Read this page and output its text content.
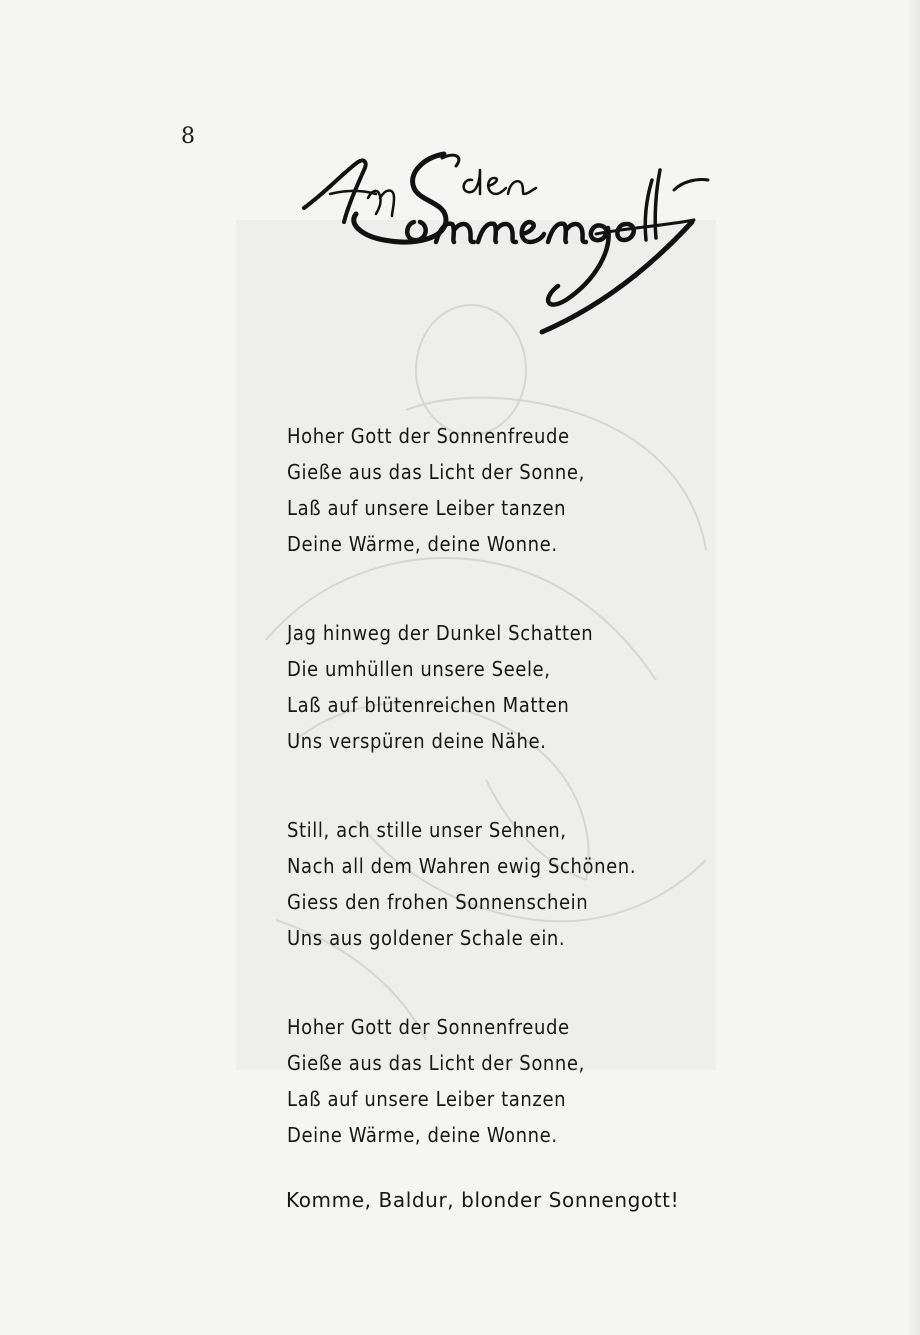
8
Hoher Gott der Sonnenfreude
Gieße aus das Licht der Sonne,
Laß auf unsere Leiber tanzen
Deine Wärme, deine Wonne.
Jag hinweg der Dunkel Schatten
Die umhüllen unsere Seele,
Laß auf blütenreichen Matten
Uns verspüren deine Nähe.
Still, ach stille unser Sehnen,
Nach all dem Wahren ewig Schönen.
Giess den frohen Sonnenschein
Uns aus goldener Schale ein.
Hoher Gott der Sonnenfreude
Gieße aus das Licht der Sonne,
Laß auf unsere Leiber tanzen
Deine Wärme, deine Wonne.
Komme, Baldur, blonder Sonnengott!
